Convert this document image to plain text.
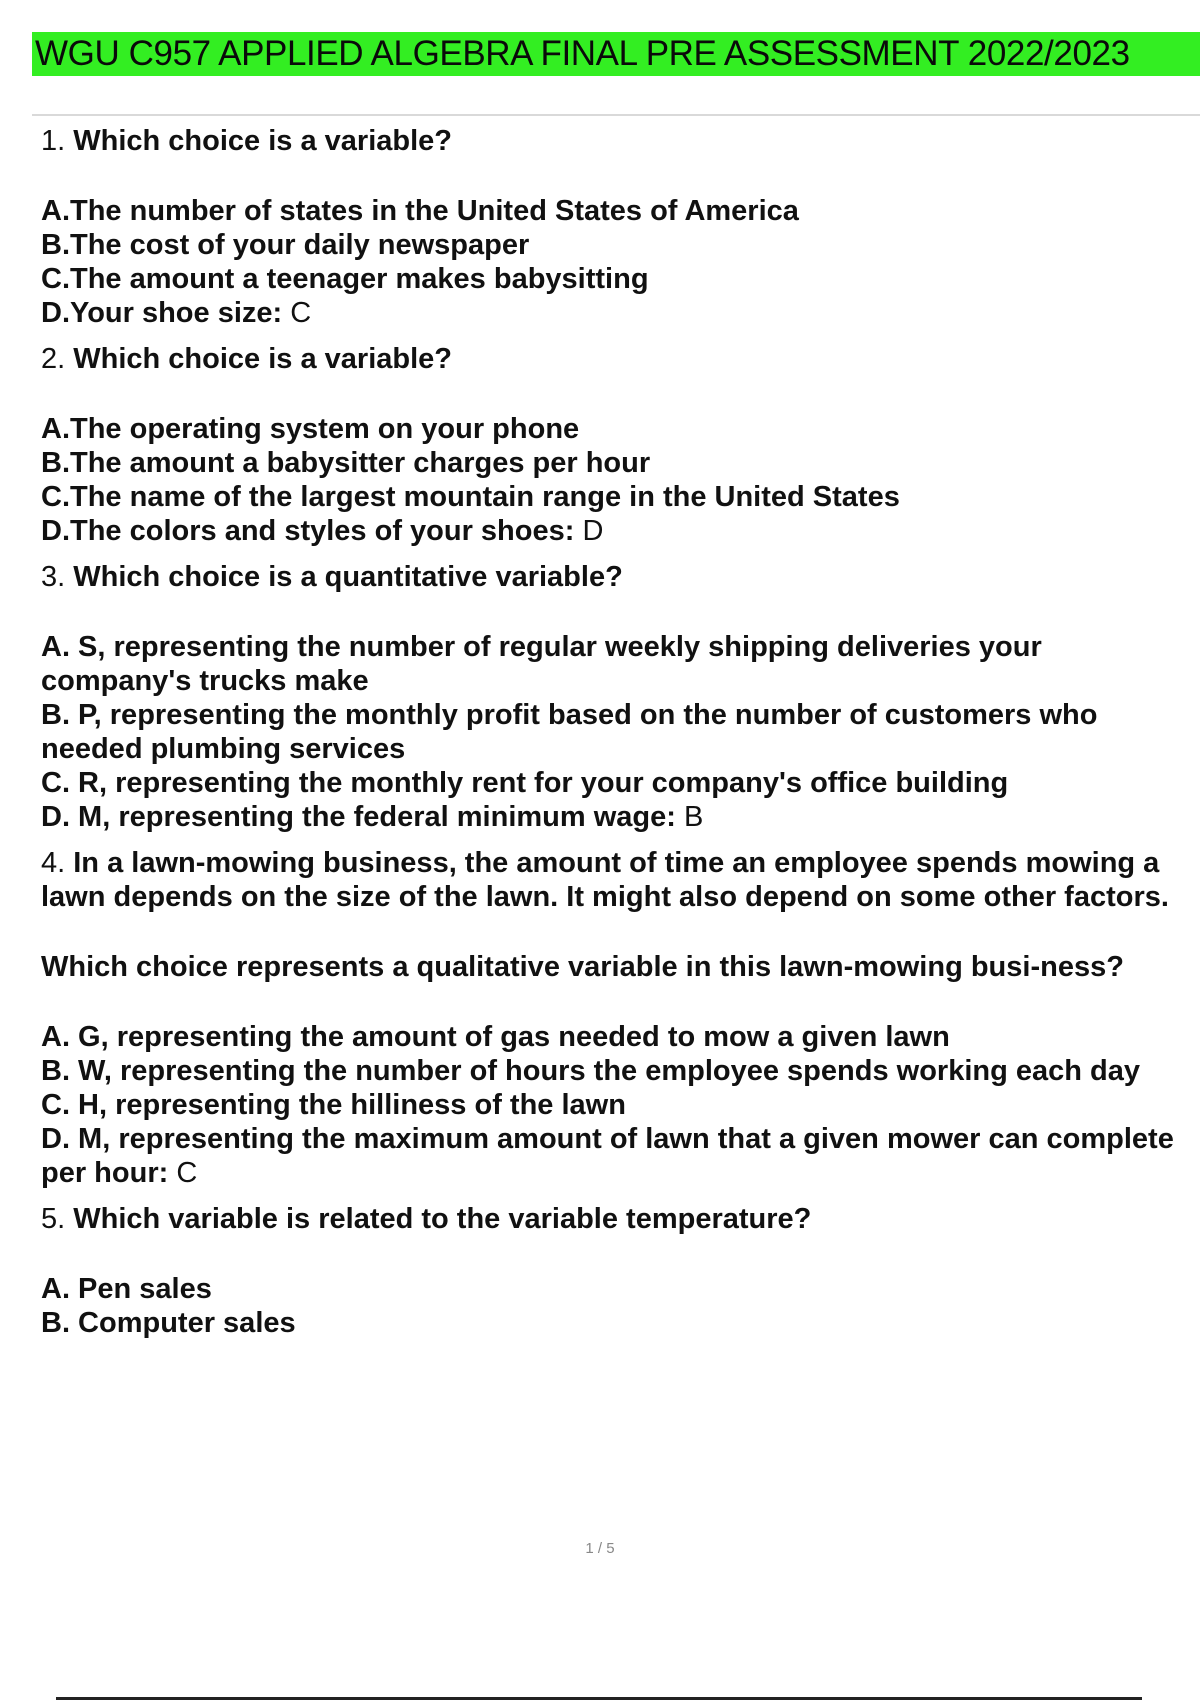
WGU C957 APPLIED ALGEBRA FINAL PRE ASSESSMENT 2022/2023

1. Which choice is a variable?

A.The number of states in the United States of America
B.The cost of your daily newspaper
C.The amount a teenager makes babysitting
D.Your shoe size: C

2. Which choice is a variable?

A.The operating system on your phone
B.The amount a babysitter charges per hour
C.The name of the largest mountain range in the United States
D.The colors and styles of your shoes: D

3. Which choice is a quantitative variable?

A. S, representing the number of regular weekly shipping deliveries your company's trucks make
B. P, representing the monthly profit based on the number of customers who needed plumbing services
C. R, representing the monthly rent for your company's office building
D. M, representing the federal minimum wage: B

4. In a lawn-mowing business, the amount of time an employee spends mowing a lawn depends on the size of the lawn. It might also depend on some other factors.

Which choice represents a qualitative variable in this lawn-mowing busi-ness?

A. G, representing the amount of gas needed to mow a given lawn
B. W, representing the number of hours the employee spends working each day
C. H, representing the hilliness of the lawn
D. M, representing the maximum amount of lawn that a given mower can complete per hour: C

5. Which variable is related to the variable temperature?

A. Pen sales
B. Computer sales
1 / 5
